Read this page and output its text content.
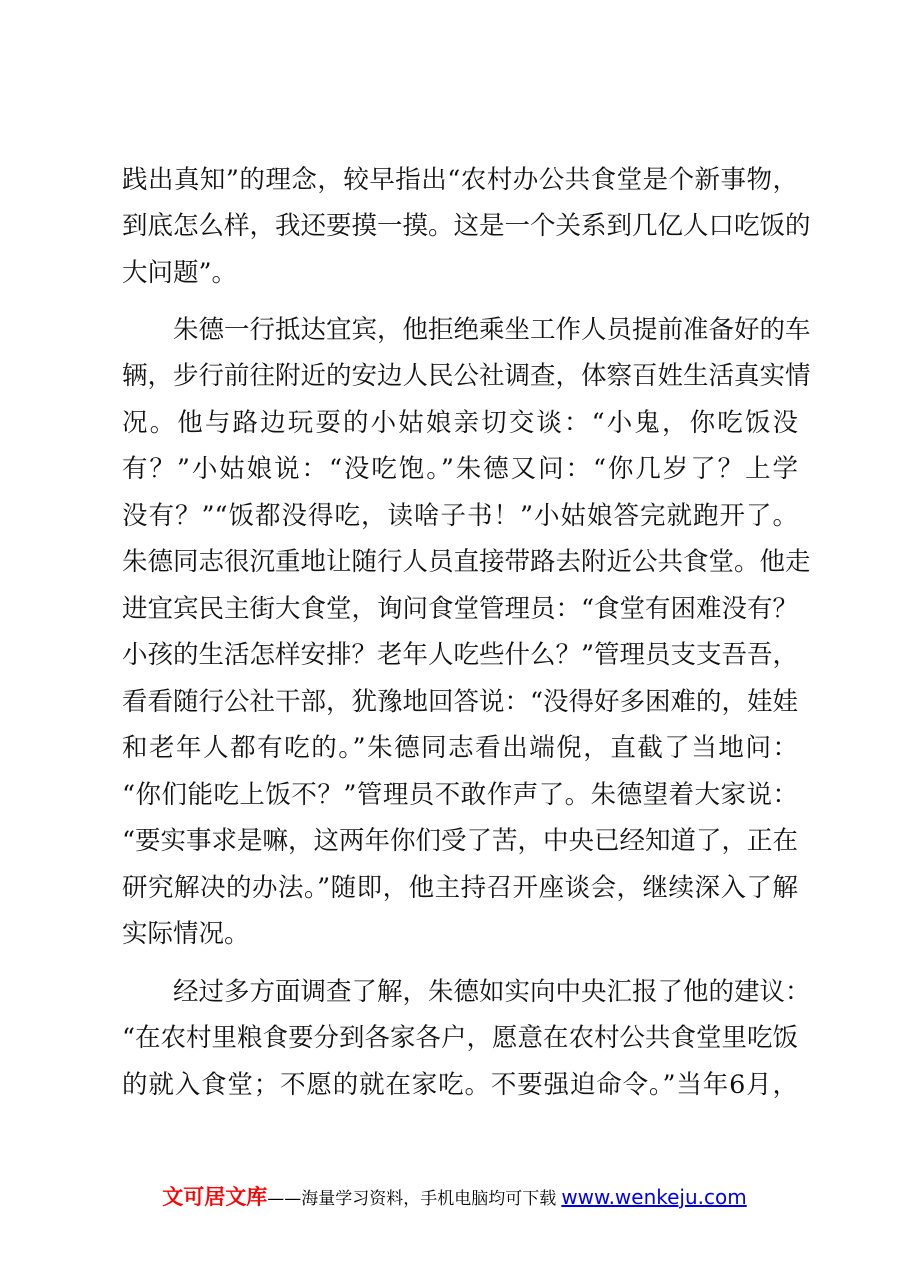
践出真知”的理念，较早指出“农村办公共食堂是个新事物，
到底怎么样，我还要摸一摸。这是一个关系到几亿人口吃饭的
大问题”。
朱德一行抵达宜宾，他拒绝乘坐工作人员提前准备好的车
辆，步行前往附近的安边人民公社调查，体察百姓生活真实情
况。他与路边玩耍的小姑娘亲切交谈：“小鬼，你吃饭没
有？”小姑娘说：“没吃饱。”朱德又问：“你几岁了？上学
没有？”“饭都没得吃，读啥子书！”小姑娘答完就跑开了。
朱德同志很沉重地让随行人员直接带路去附近公共食堂。他走
进宜宾民主街大食堂，询问食堂管理员：“食堂有困难没有？
小孩的生活怎样安排？老年人吃些什么？”管理员支支吾吾，
看看随行公社干部，犹豫地回答说：“没得好多困难的，娃娃
和老年人都有吃的。”朱德同志看出端倪，直截了当地问：
“你们能吃上饭不？”管理员不敢作声了。朱德望着大家说：
“要实事求是嘛，这两年你们受了苦，中央已经知道了，正在
研究解决的办法。”随即，他主持召开座谈会，继续深入了解
实际情况。
经过多方面调查了解，朱德如实向中央汇报了他的建议：
“在农村里粮食要分到各家各户，愿意在农村公共食堂里吃饭
的就入食堂；不愿的就在家吃。不要强迫命令。”当年6月，
文可居文库——海量学习资料，手机电脑均可下载 www.wenkeju.com
